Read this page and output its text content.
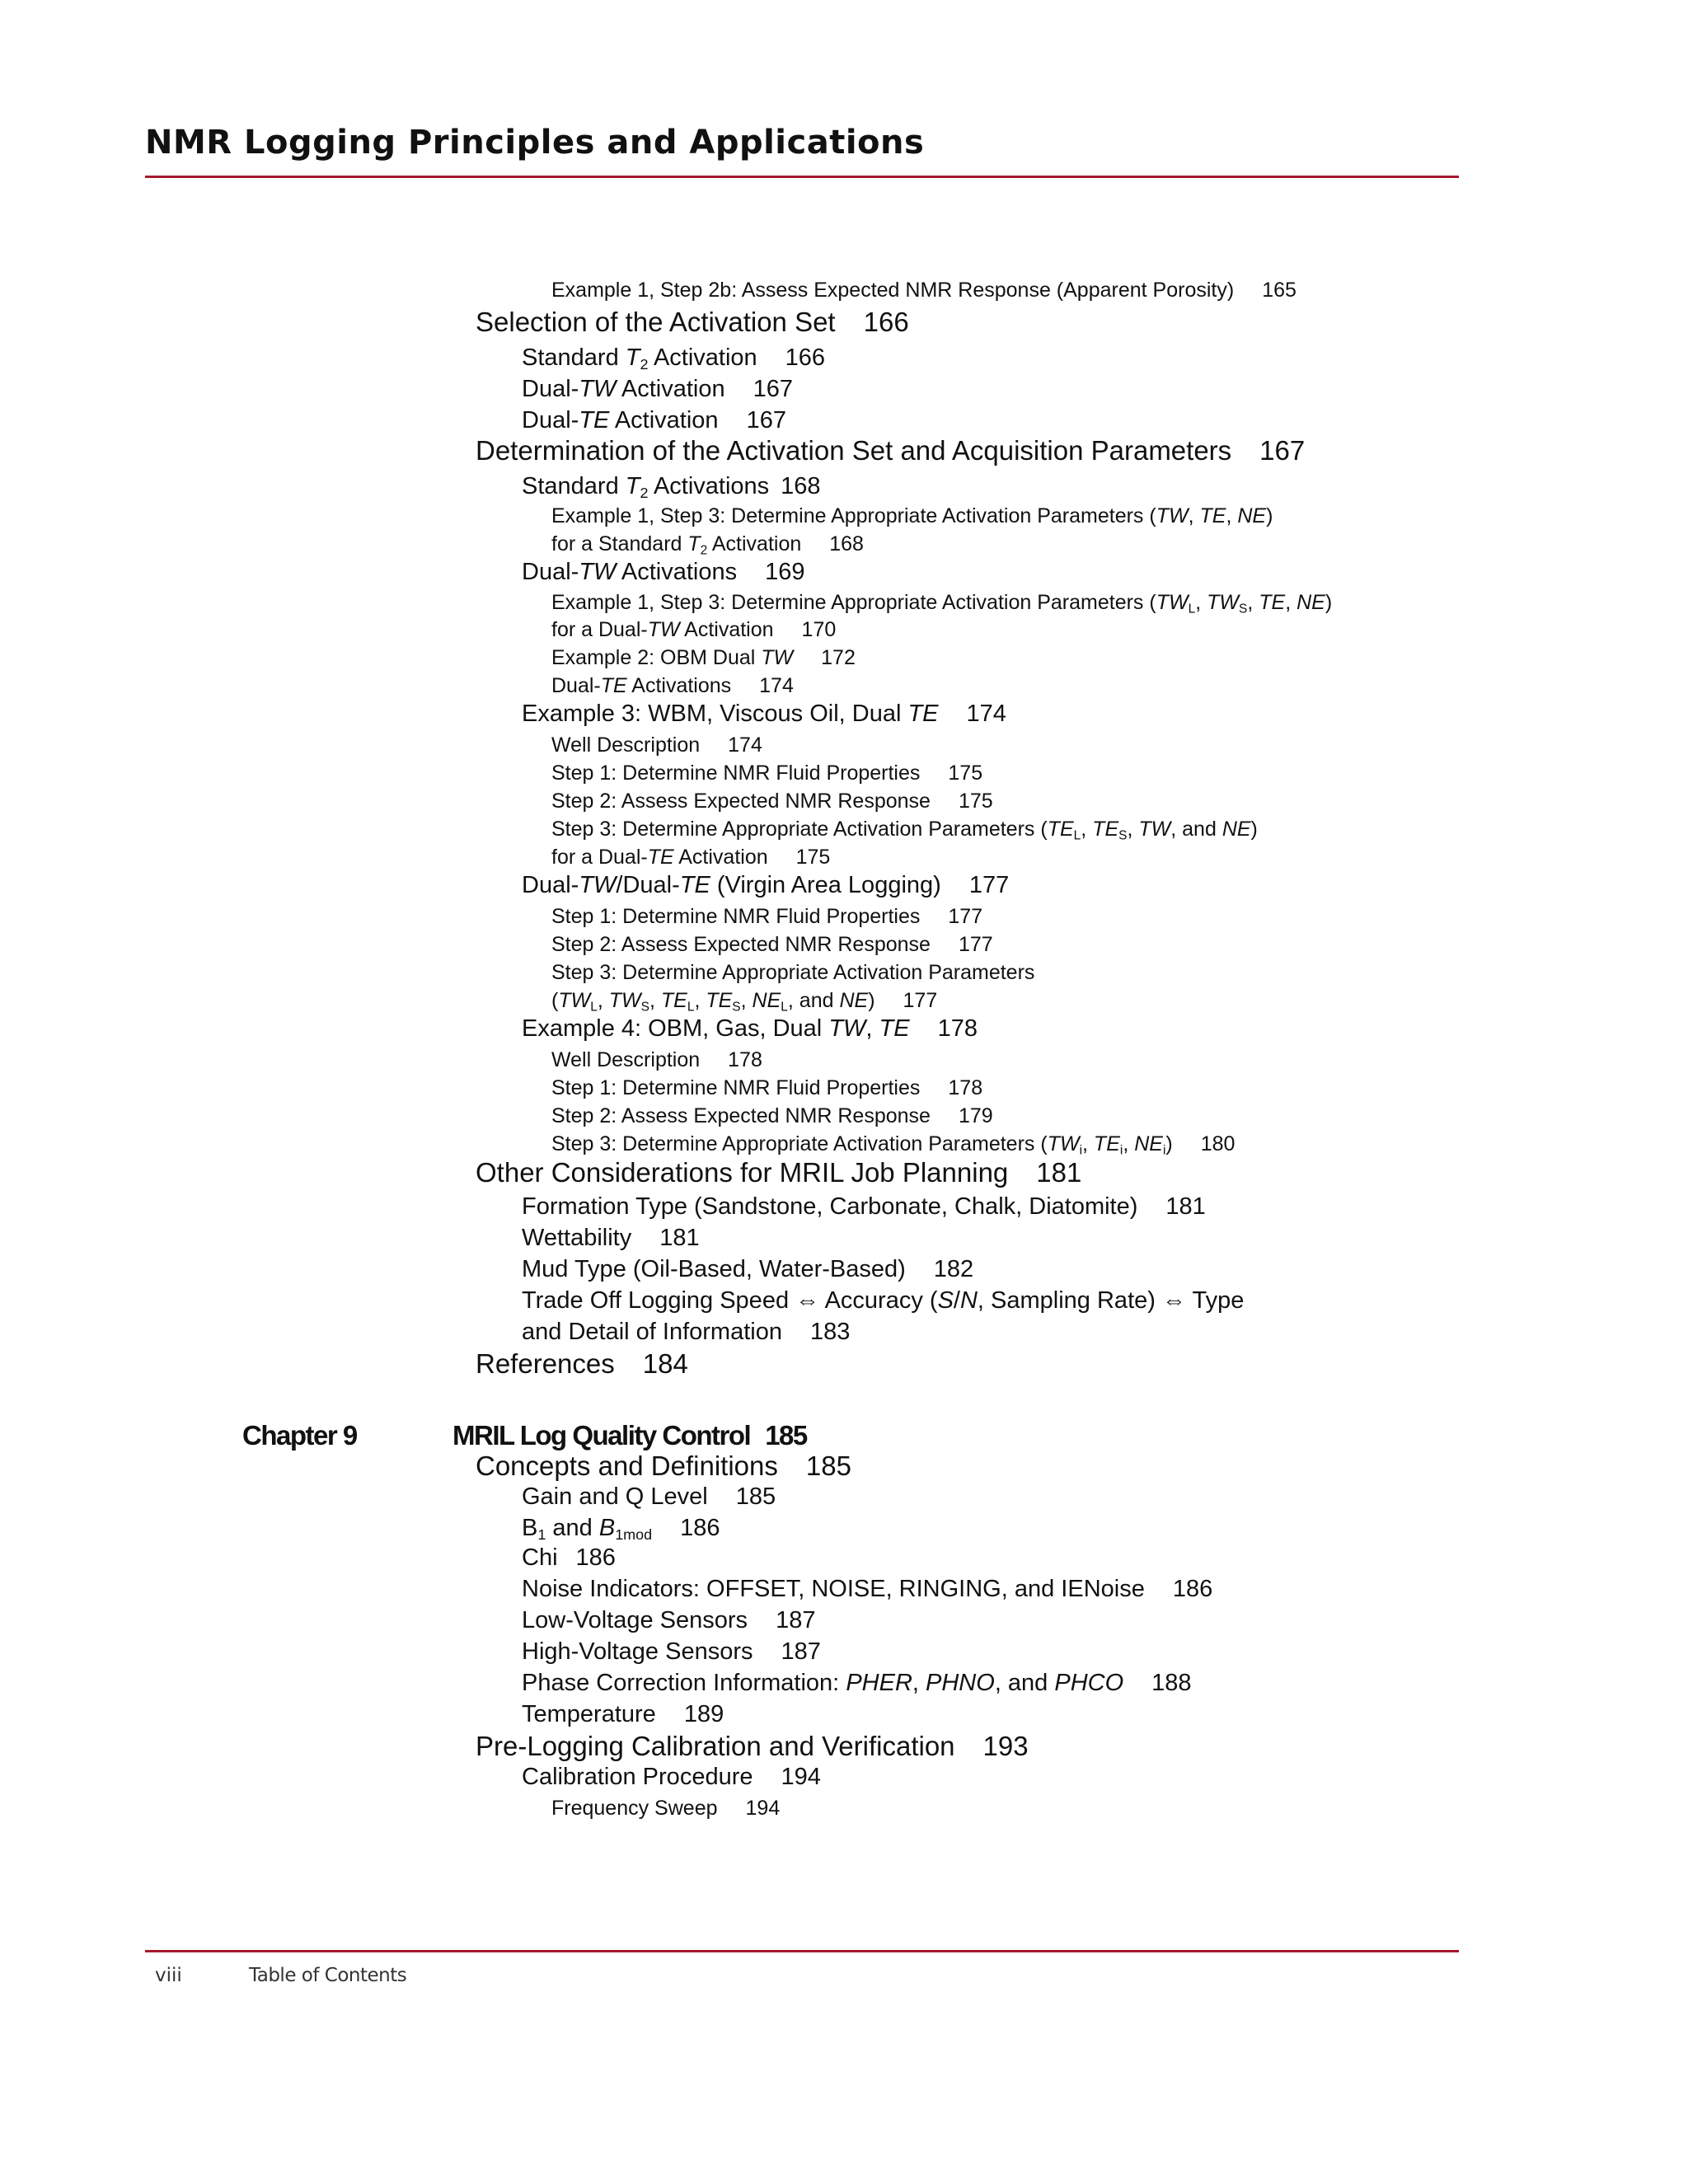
NMR Logging Principles and Applications
Example 1, Step 2b: Assess Expected NMR Response (Apparent Porosity) 165
Selection of the Activation Set 166
Standard $T_2$ Activation 166
Dual-TW Activation 167
Dual-TE Activation 167
Determination of the Activation Set and Acquisition Parameters 167
Standard $T_2$ Activations 168
Example 1, Step 3: Determine Appropriate Activation Parameters (TW, TE, NE)
for a Standard $T_2$ Activation 168
Dual-TW Activations 169
Example 1, Step 3: Determine Appropriate Activation Parameters ($TW_L$, $TW_S$, TE, NE)
for a Dual-TW Activation 170
Example 2: OBM Dual TW 172
Dual-TE Activations 174
Example 3: WBM, Viscous Oil, Dual TE 174
Well Description 174
Step 1: Determine NMR Fluid Properties 175
Step 2: Assess Expected NMR Response 175
Step 3: Determine Appropriate Activation Parameters ($TE_L$, $TE_S$, TW, and NE)
for a Dual-TE Activation 175
Dual-TW/Dual-TE (Virgin Area Logging) 177
Step 1: Determine NMR Fluid Properties 177
Step 2: Assess Expected NMR Response 177
Step 3: Determine Appropriate Activation Parameters
($TW_L$, $TW_S$, $TE_L$, $TE_S$, $NE_L$, and NE) 177
Example 4: OBM, Gas, Dual TW, TE 178
Well Description 178
Step 1: Determine NMR Fluid Properties 178
Step 2: Assess Expected NMR Response 179
Step 3: Determine Appropriate Activation Parameters ($TW_i$, $TE_i$, $NE_i$) 180
Other Considerations for MRIL Job Planning 181
Formation Type (Sandstone, Carbonate, Chalk, Diatomite) 181
Wettability 181
Mud Type (Oil-Based, Water-Based) 182
Trade Off Logging Speed ⇔ Accuracy (S/N, Sampling Rate) ⇔ Type
and Detail of Information 183
References 184
Chapter 9	MRIL Log Quality Control 185
Concepts and Definitions 185
Gain and Q Level 185
$B_1$ and $B_{1mod}$ 186
Chi 186
Noise Indicators: OFFSET, NOISE, RINGING, and IENoise 186
Low-Voltage Sensors 187
High-Voltage Sensors 187
Phase Correction Information: PHER, PHNO, and PHCO 188
Temperature 189
Pre-Logging Calibration and Verification 193
Calibration Procedure 194
Frequency Sweep 194
viii	Table of Contents
